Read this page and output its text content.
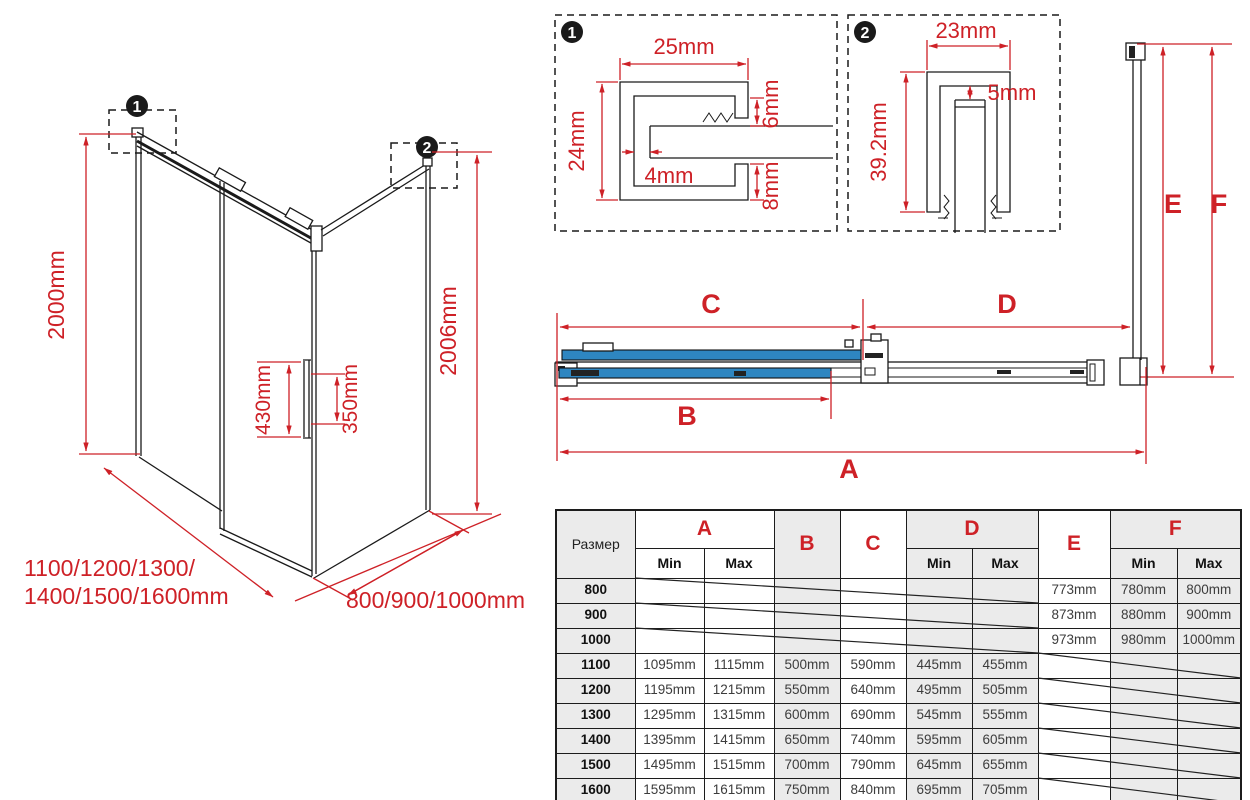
1
2
2000mm	2006mm
430mm	350mm
1100/1200/1300/
1400/1500/1600mm	800/900/1000mm
1
25mm
24mm
4mm
6mm
8mm
2	23mm
39.2mm
5mm
E F
C	D
B
A
Размер	A		B	C	D		E	F	
	Min	Max			Min	Max		Min	Max
800							773mm	780mm	800mm
900							873mm	880mm	900mm
1000							973mm	980mm	1000mm
1100	1095mm	1115mm	500mm	590mm	445mm	455mm			
1200	1195mm	1215mm	550mm	640mm	495mm	505mm			
1300	1295mm	1315mm	600mm	690mm	545mm	555mm			
1400	1395mm	1415mm	650mm	740mm	595mm	605mm			
1500	1495mm	1515mm	700mm	790mm	645mm	655mm			
1600	1595mm	1615mm	750mm	840mm	695mm	705mm			
